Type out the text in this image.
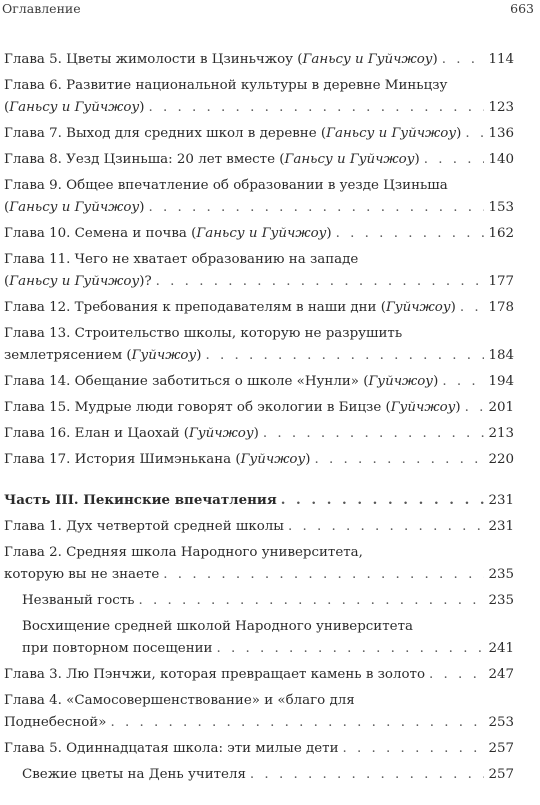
Оглавление	663
Глава 5. Цветы жимолости в Цзиньчжоу (Ганьсу и Гуйчжоу) . . .	114
Глава 6. Развитие национальной культуры в деревне Миньцзу
(Ганьсу и Гуйчжоу) . . .	123
Глава 7. Выход для средних школ в деревне (Ганьсу и Гуйчжоу) . . . 136
Глава 8. Уезд Цзиньша: 20 лет вместе (Ганьсу и Гуйчжоу) . . .	140
Глава 9. Общее впечатление об образовании в уезде Цзиньша
(Ганьсу и Гуйчжоу) . . .	153
Глава 10. Семена и почва (Ганьсу и Гуйчжоу) . . .	162
Глава 11. Чего не хватает образованию на западе
(Ганьсу и Гуйчжоу)? . . .	177
Глава 12. Требования к преподавателям в наши дни (Гуйчжоу) . . . 178
Глава 13. Строительство школы, которую не разрушить
землетрясением (Гуйчжоу) . . .	184
Глава 14. Обещание заботиться о школе «Нунли» (Гуйчжоу) . . .	194
Глава 15. Мудрые люди говорят об экологии в Бицзе (Гуйчжоу) . . . 201
Глава 16. Елан и Цаохай (Гуйчжоу) . . .	213
Глава 17. История Шимэнькана (Гуйчжоу) . . .	220
Часть III. Пекинские впечатления . . .	231
Глава 1. Дух четвертой средней школы . . .	231
Глава 2. Средняя школа Народного университета,
которую вы не знаете . . .	235
Незваный гость . . .	235
Восхищение средней школой Народного университета
при повторном посещении . . .	241
Глава 3. Лю Пэнчжи, которая превращает камень в золото . . .	247
Глава 4. «Самосовершенствование» и «благо для
Поднебесной» . . .	253
Глава 5. Одиннадцатая школа: эти милые дети . . .	257
Свежие цветы на День учителя . . .	257
